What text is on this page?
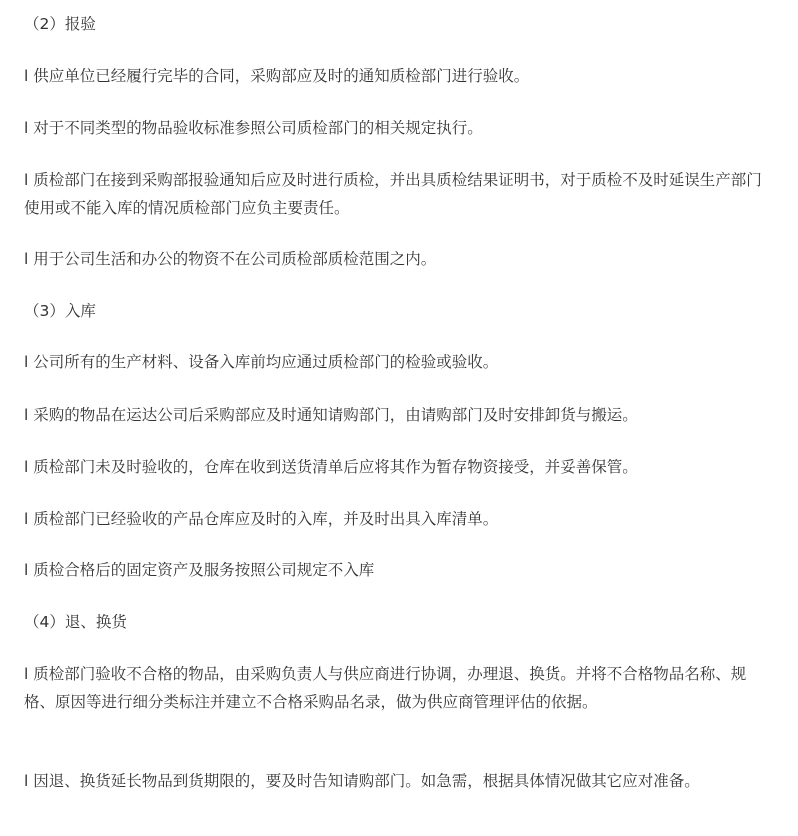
（2）报验
l 供应单位已经履行完毕的合同，采购部应及时的通知质检部门进行验收。
l 对于不同类型的物品验收标准参照公司质检部门的相关规定执行。
l 质检部门在接到采购部报验通知后应及时进行质检，并出具质检结果证明书，对于质检不及时延误生产部门使用或不能入库的情况质检部门应负主要责任。
l 用于公司生活和办公的物资不在公司质检部质检范围之内。
（3）入库
l 公司所有的生产材料、设备入库前均应通过质检部门的检验或验收。
l 采购的物品在运达公司后采购部应及时通知请购部门，由请购部门及时安排卸货与搬运。
l 质检部门未及时验收的，仓库在收到送货清单后应将其作为暂存物资接受，并妥善保管。
l 质检部门已经验收的产品仓库应及时的入库，并及时出具入库清单。
l 质检合格后的固定资产及服务按照公司规定不入库
（4）退、换货
l 质检部门验收不合格的物品，由采购负责人与供应商进行协调，办理退、换货。并将不合格物品名称、规格、原因等进行细分类标注并建立不合格采购品名录，做为供应商管理评估的依据。
l 因退、换货延长物品到货期限的，要及时告知请购部门。如急需，根据具体情况做其它应对准备。
